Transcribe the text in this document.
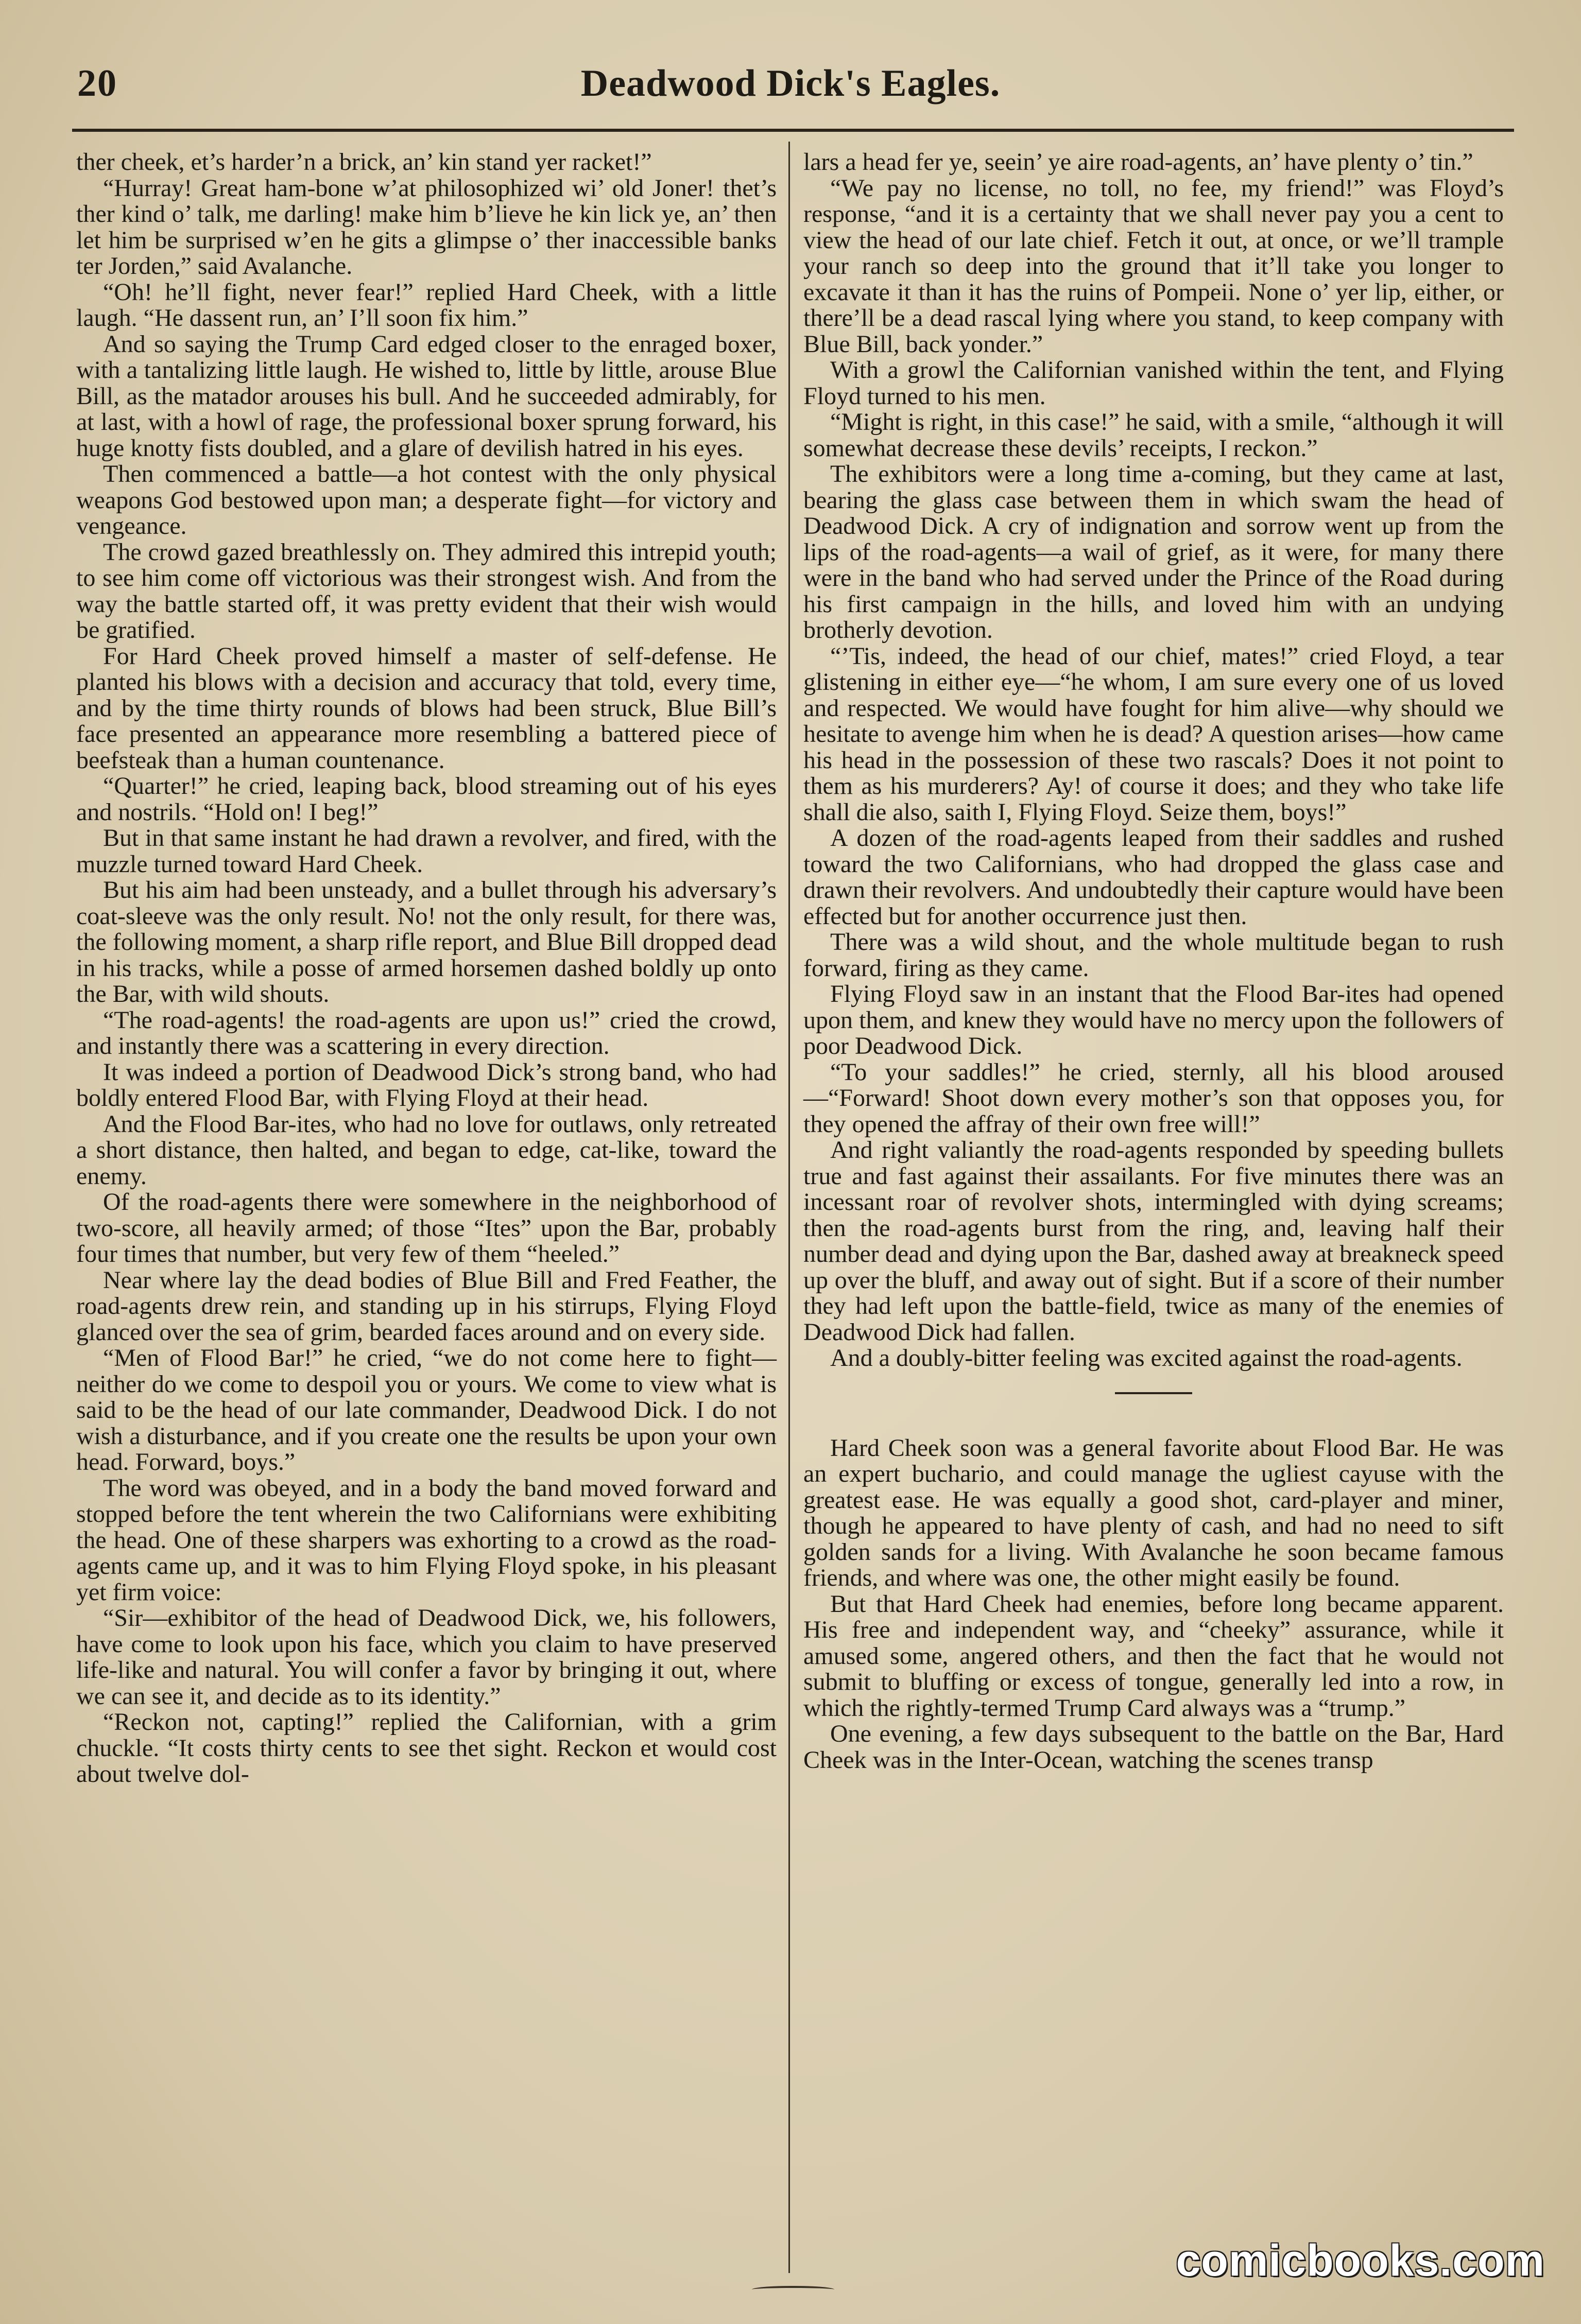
20	Deadwood Dick's Eagles.

ther cheek, et’s harder’n a brick, an’ kin stand yer racket!”

“Hurray! Great ham-bone w’at philosophized wi’ old Joner! thet’s ther kind o’ talk, me darling! make him b’lieve he kin lick ye, an’ then let him be surprised w’en he gits a glimpse o’ ther inaccessible banks ter Jorden,” said Avalanche.

“Oh! he’ll fight, never fear!” replied Hard Cheek, with a little laugh. “He dassent run, an’ I’ll soon fix him.”

And so saying the Trump Card edged closer to the enraged boxer, with a tantalizing little laugh. He wished to, little by little, arouse Blue Bill, as the matador arouses his bull. And he succeeded admirably, for at last, with a howl of rage, the professional boxer sprung forward, his huge knotty fists doubled, and a glare of devilish hatred in his eyes.

Then commenced a battle—a hot contest with the only physical weapons God bestowed upon man; a desperate fight—for victory and vengeance.

The crowd gazed breathlessly on. They admired this intrepid youth; to see him come off victorious was their strongest wish. And from the way the battle started off, it was pretty evident that their wish would be gratified.

For Hard Cheek proved himself a master of self-defense. He planted his blows with a decision and accuracy that told, every time, and by the time thirty rounds of blows had been struck, Blue Bill’s face presented an appearance more resembling a battered piece of beefsteak than a human countenance.

“Quarter!” he cried, leaping back, blood streaming out of his eyes and nostrils. “Hold on! I beg!”

But in that same instant he had drawn a revolver, and fired, with the muzzle turned toward Hard Cheek.

But his aim had been unsteady, and a bullet through his adversary’s coat-sleeve was the only result. No! not the only result, for there was, the following moment, a sharp rifle report, and Blue Bill dropped dead in his tracks, while a posse of armed horsemen dashed boldly up onto the Bar, with wild shouts.

“The road-agents! the road-agents are upon us!” cried the crowd, and instantly there was a scattering in every direction.

It was indeed a portion of Deadwood Dick’s strong band, who had boldly entered Flood Bar, with Flying Floyd at their head.

And the Flood Bar-ites, who had no love for outlaws, only retreated a short distance, then halted, and began to edge, cat-like, toward the enemy.

Of the road-agents there were somewhere in the neighborhood of two-score, all heavily armed; of those “Ites” upon the Bar, probably four times that number, but very few of them “heeled.”

Near where lay the dead bodies of Blue Bill and Fred Feather, the road-agents drew rein, and standing up in his stirrups, Flying Floyd glanced over the sea of grim, bearded faces around and on every side.

“Men of Flood Bar!” he cried, “we do not come here to fight—neither do we come to despoil you or yours. We come to view what is said to be the head of our late commander, Deadwood Dick. I do not wish a disturbance, and if you create one the results be upon your own head. Forward, boys.”

The word was obeyed, and in a body the band moved forward and stopped before the tent wherein the two Californians were exhibiting the head. One of these sharpers was exhorting to a crowd as the road-agents came up, and it was to him Flying Floyd spoke, in his pleasant yet firm voice:

“Sir—exhibitor of the head of Deadwood Dick, we, his followers, have come to look upon his face, which you claim to have preserved life-like and natural. You will confer a favor by bringing it out, where we can see it, and decide as to its identity.”

“Reckon not, capting!” replied the Californian, with a grim chuckle. “It costs thirty cents to see thet sight. Reckon et would cost about twelve dol-

lars a head fer ye, seein’ ye aire road-agents, an’ have plenty o’ tin.”

“We pay no license, no toll, no fee, my friend!” was Floyd’s response, “and it is a certainty that we shall never pay you a cent to view the head of our late chief. Fetch it out, at once, or we’ll trample your ranch so deep into the ground that it’ll take you longer to excavate it than it has the ruins of Pompeii. None o’ yer lip, either, or there’ll be a dead rascal lying where you stand, to keep company with Blue Bill, back yonder.”

With a growl the Californian vanished within the tent, and Flying Floyd turned to his men.

“Might is right, in this case!” he said, with a smile, “although it will somewhat decrease these devils’ receipts, I reckon.”

The exhibitors were a long time a-coming, but they came at last, bearing the glass case between them in which swam the head of Deadwood Dick. A cry of indignation and sorrow went up from the lips of the road-agents—a wail of grief, as it were, for many there were in the band who had served under the Prince of the Road during his first campaign in the hills, and loved him with an undying brotherly devotion.

“’Tis, indeed, the head of our chief, mates!” cried Floyd, a tear glistening in either eye—“he whom, I am sure every one of us loved and respected. We would have fought for him alive—why should we hesitate to avenge him when he is dead? A question arises—how came his head in the possession of these two rascals? Does it not point to them as his murderers? Ay! of course it does; and they who take life shall die also, saith I, Flying Floyd. Seize them, boys!”

A dozen of the road-agents leaped from their saddles and rushed toward the two Californians, who had dropped the glass case and drawn their revolvers. And undoubtedly their capture would have been effected but for another occurrence just then.

There was a wild shout, and the whole multitude began to rush forward, firing as they came.

Flying Floyd saw in an instant that the Flood Bar-ites had opened upon them, and knew they would have no mercy upon the followers of poor Deadwood Dick.

“To your saddles!” he cried, sternly, all his blood aroused—“Forward! Shoot down every mother’s son that opposes you, for they opened the affray of their own free will!”

And right valiantly the road-agents responded by speeding bullets true and fast against their assailants. For five minutes there was an incessant roar of revolver shots, intermingled with dying screams; then the road-agents burst from the ring, and, leaving half their number dead and dying upon the Bar, dashed away at breakneck speed up over the bluff, and away out of sight. But if a score of their number they had left upon the battle-field, twice as many of the enemies of Deadwood Dick had fallen.

And a doubly-bitter feeling was excited against the road-agents.

Hard Cheek soon was a general favorite about Flood Bar. He was an expert buchario, and could manage the ugliest cayuse with the greatest ease. He was equally a good shot, card-player and miner, though he appeared to have plenty of cash, and had no need to sift golden sands for a living. With Avalanche he soon became famous friends, and where was one, the other might easily be found.

But that Hard Cheek had enemies, before long became apparent. His free and independent way, and “cheeky” assurance, while it amused some, angered others, and then the fact that he would not submit to bluffing or excess of tongue, generally led into a row, in which the rightly-termed Trump Card always was a “trump.”

One evening, a few days subsequent to the battle on the Bar, Hard Cheek was in the Inter-Ocean, watching the scenes transp

comicbooks.com
